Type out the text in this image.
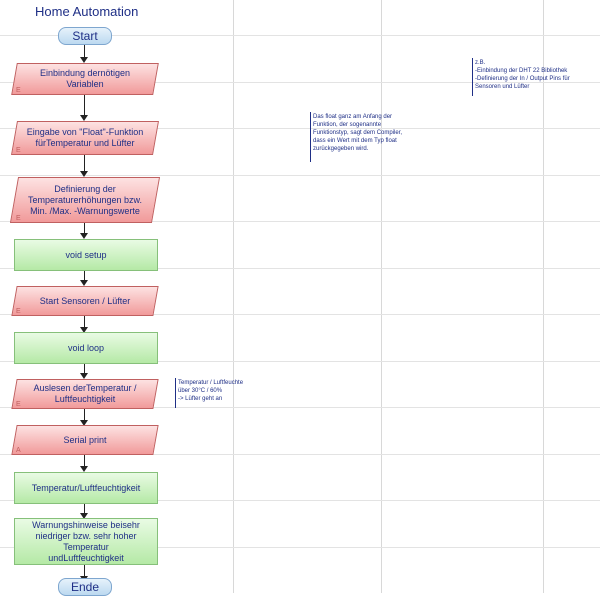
Home Automation
Start
Ende
Einbindung dernötigen Variablen
E
Eingabe von "Float"-Funktion fürTemperatur und Lüfter
E
Definierung der Temperaturerhöhungen bzw. Min. /Max. -Warnungswerte
E
void setup
Start Sensoren / Lüfter
E
void loop
Auslesen derTemperatur / Luftfeuchtigkeit
E
Serial print
A
Temperatur/Luftfeuchtigkeit
Warnungshinweise beisehr niedriger bzw. sehr hoher Temperatur undLuftfeuchtigkeit
z.B.
-Einbindung der DHT 22 Bibliothek
-Definierung der In / Output Pins für
Sensoren und Lüfter
Das float ganz am Anfang der
Funktion, der sogenannte
Funktionstyp, sagt dem Compiler,
dass ein Wert mit dem Typ float
zurückgegeben wird.
Temperatur / Luftfeuchte
über 30°C / 60%
-> Lüfter geht an
